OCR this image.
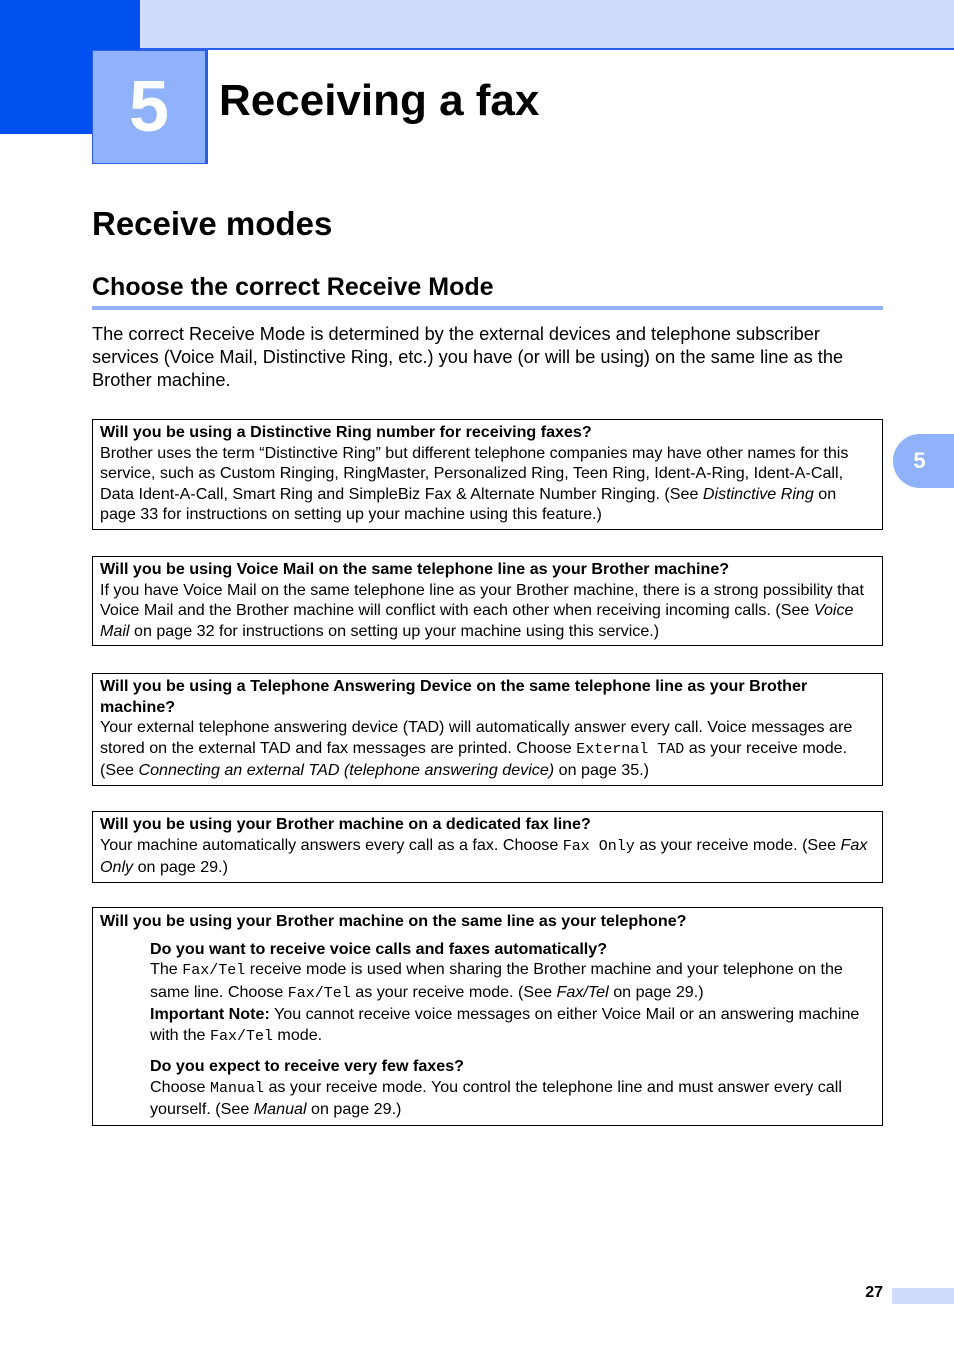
5 Receiving a fax
Receive modes
Choose the correct Receive Mode

The correct Receive Mode is determined by the external devices and telephone subscriber services (Voice Mail, Distinctive Ring, etc.) you have (or will be using) on the same line as the Brother machine.

Will you be using a Distinctive Ring number for receiving faxes?

Brother uses the term “Distinctive Ring” but different telephone companies may have other names for this service, such as Custom Ringing, RingMaster, Personalized Ring, Teen Ring, Ident-A-Ring, Ident-A-Call, Data Ident-A-Call, Smart Ring and SimpleBiz Fax & Alternate Number Ringing. (See Distinctive Ring on page 33 for instructions on setting up your machine using this feature.)

Will you be using Voice Mail on the same telephone line as your Brother machine?

If you have Voice Mail on the same telephone line as your Brother machine, there is a strong possibility that Voice Mail and the Brother machine will conflict with each other when receiving incoming calls. (See Voice Mail on page 32 for instructions on setting up your machine using this service.)

Will you be using a Telephone Answering Device on the same telephone line as your Brother machine?

Your external telephone answering device (TAD) will automatically answer every call. Voice messages are stored on the external TAD and fax messages are printed. Choose External TAD as your receive mode. (See Connecting an external TAD (telephone answering device) on page 35.)

Will you be using your Brother machine on a dedicated fax line?

Your machine automatically answers every call as a fax. Choose Fax Only as your receive mode. (See Fax Only on page 29.)

Will you be using your Brother machine on the same line as your telephone?

Do you want to receive voice calls and faxes automatically?

The Fax/Tel receive mode is used when sharing the Brother machine and your telephone on the same line. Choose Fax/Tel as your receive mode. (See Fax/Tel on page 29.)

Important Note: You cannot receive voice messages on either Voice Mail or an answering machine with the Fax/Tel mode.

Do you expect to receive very few faxes?

Choose Manual as your receive mode. You control the telephone line and must answer every call yourself. (See Manual on page 29.)

5
27
